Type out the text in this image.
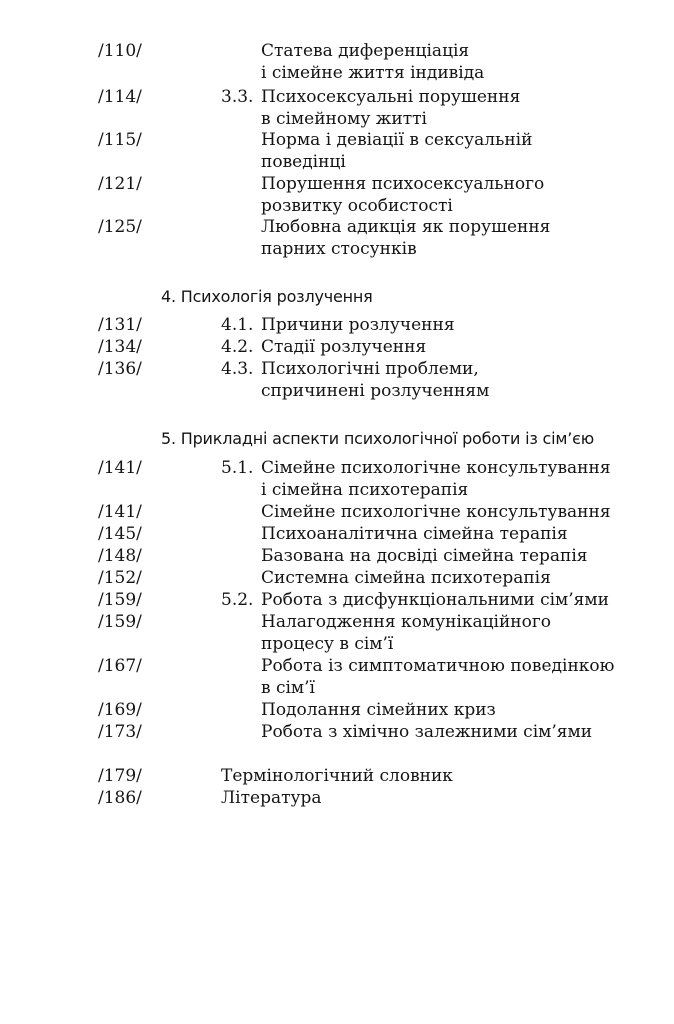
/110/	Статева диференціація
і сімейне життя індивіда
/114/	3.3. Психосексуальні порушення
в сімейному житті
/115/	Норма і девіації в сексуальній
поведінці
/121/	Порушення психосексуального
розвитку особистості
/125/	Любовна адикція як порушення
парних стосунків
4. Психологія розлучення
/131/	4.1. Причини розлучення
/134/	4.2. Стадії розлучення
/136/	4.3. Психологічні проблеми,
спричинені розлученням
5. Прикладні аспекти психологічної роботи із сім’єю
/141/	5.1. Сімейне психологічне консультування
і сімейна психотерапія
/141/	Сімейне психологічне консультування
/145/	Психоаналітична сімейна терапія
/148/	Базована на досвіді сімейна терапія
/152/	Системна сімейна психотерапія
/159/	5.2. Робота з дисфункціональними сім’ями
/159/	Налагодження комунікаційного
процесу в сім’ї
/167/	Робота із симптоматичною поведінкою
в сім’ї
/169/	Подолання сімейних криз
/173/	Робота з хімічно залежними сім’ями
/179/	Термінологічний словник
/186/	Література
